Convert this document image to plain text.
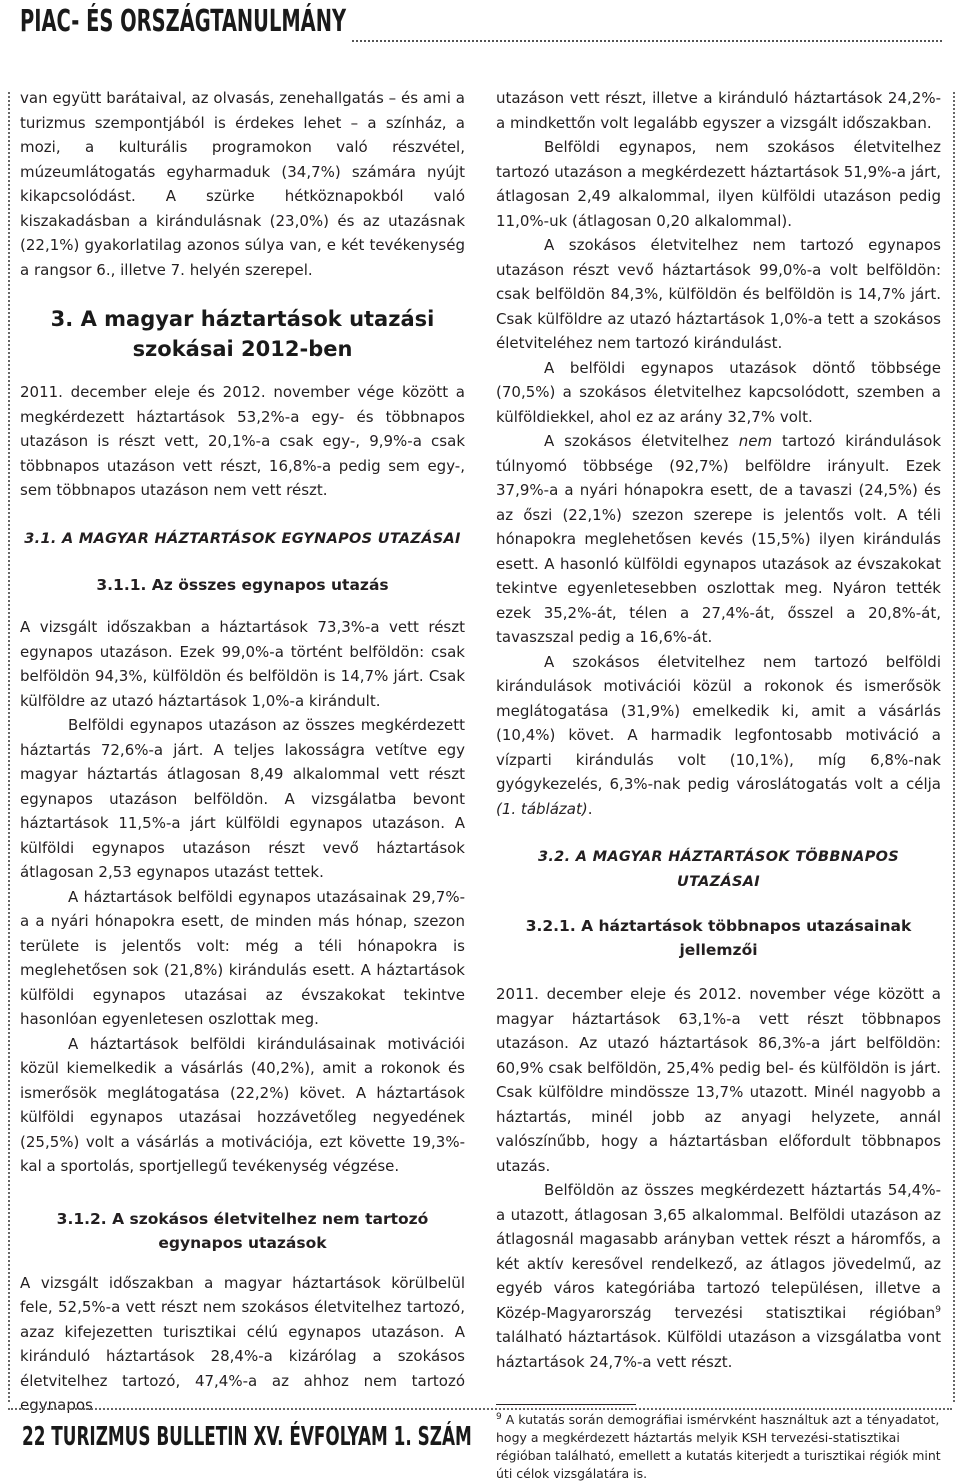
PIAC- ÉS ORSZÁGTANULMÁNY

van együtt barátaival, az olvasás, zenehallgatás – és ami a turizmus szempontjából is érdekes lehet – a színház, a mozi, a kulturális programokon való részvétel, múzeumlátogatás egyharmaduk (34,7%) számára nyújt kikapcsolódást. A szürke hétköznapokból való kiszakadásban a kirándulásnak (23,0%) és az utazásnak (22,1%) gyakorlatilag azonos súlya van, e két tevékenység a rangsor 6., illetve 7. helyén szerepel.

3. A magyar háztartások utazási
szokásai 2012-ben

2011. december eleje és 2012. november vége között a megkérdezett háztartások 53,2%-a egy- és többnapos utazáson is részt vett, 20,1%-a csak egy-, 9,9%-a csak többnapos utazáson vett részt, 16,8%-a pedig sem egy-, sem többnapos utazáson nem vett részt.

3.1. A MAGYAR HÁZTARTÁSOK EGYNAPOS UTAZÁSAI
3.1.1. Az összes egynapos utazás

A vizsgált időszakban a háztartások 73,3%-a vett részt egynapos utazáson. Ezek 99,0%-a történt belföldön: csak belföldön 94,3%, külföldön és belföldön is 14,7% járt. Csak külföldre az utazó háztartások 1,0%-a kirándult.

Belföldi egynapos utazáson az összes megkérdezett háztartás 72,6%-a járt. A teljes lakosságra vetítve egy magyar háztartás átlagosan 8,49 alkalommal vett részt egynapos utazáson belföldön. A vizsgálatba bevont háztartások 11,5%-a járt külföldi egynapos utazáson. A külföldi egynapos utazáson részt vevő háztartások átlagosan 2,53 egynapos utazást tettek.

A háztartások belföldi egynapos utazásainak 29,7%-a a nyári hónapokra esett, de minden más hónap, szezon területe is jelentős volt: még a téli hónapokra is meglehetősen sok (21,8%) kirándulás esett. A háztartások külföldi egynapos utazásai az évszakokat tekintve hasonlóan egyenletesen oszlottak meg.

A háztartások belföldi kirándulásainak motivációi közül kiemelkedik a vásárlás (40,2%), amit a rokonok és ismerősök meglátogatása (22,2%) követ. A háztartások külföldi egynapos utazásai hozzávetőleg negyedének (25,5%) volt a vásárlás a motivációja, ezt követte 19,3%-kal a sportolás, sportjellegű tevékenység végzése.

3.1.2. A szokásos életvitelhez nem tartozó
egynapos utazások

A vizsgált időszakban a magyar háztartások körülbelül fele, 52,5%-a vett részt nem szokásos életvitelhez tartozó, azaz kifejezetten turisztikai célú egynapos utazáson. A kiránduló háztartások 28,4%-a kizárólag a szokásos életvitelhez tartozó, 47,4%-a az ahhoz nem tartozó egynapos

utazáson vett részt, illetve a kiránduló háztartások 24,2%-a mindkettőn volt legalább egyszer a vizsgált időszakban.

Belföldi egynapos, nem szokásos életvitelhez tartozó utazáson a megkérdezett háztartások 51,9%-a járt, átlagosan 2,49 alkalommal, ilyen külföldi utazáson pedig 11,0%-uk (átlagosan 0,20 alkalommal).

A szokásos életvitelhez nem tartozó egynapos utazáson részt vevő háztartások 99,0%-a volt belföldön: csak belföldön 84,3%, külföldön és belföldön is 14,7% járt. Csak külföldre az utazó háztartások 1,0%-a tett a szokásos életviteléhez nem tartozó kirándulást.

A belföldi egynapos utazások döntő többsége (70,5%) a szokásos életvitelhez kapcsolódott, szemben a külföldiekkel, ahol ez az arány 32,7% volt.

A szokásos életvitelhez nem tartozó kirándulások túlnyomó többsége (92,7%) belföldre irányult. Ezek 37,9%-a a nyári hónapokra esett, de a tavaszi (24,5%) és az őszi (22,1%) szezon szerepe is jelentős volt. A téli hónapokra meglehetősen kevés (15,5%) ilyen kirándulás esett. A hasonló külföldi egynapos utazások az évszakokat tekintve egyenletesebben oszlottak meg. Nyáron tették ezek 35,2%-át, télen a 27,4%-át, ősszel a 20,8%-át, tavaszszal pedig a 16,6%-át.

A szokásos életvitelhez nem tartozó belföldi kirándulások motivációi közül a rokonok és ismerősök meglátogatása (31,9%) emelkedik ki, amit a vásárlás (10,4%) követ. A harmadik legfontosabb motiváció a vízparti kirándulás volt (10,1%), míg 6,8%-nak gyógykezelés, 6,3%-nak pedig városlátogatás volt a célja (1. táblázat).

3.2. A MAGYAR HÁZTARTÁSOK TÖBBNAPOS UTAZÁSAI
3.2.1. A háztartások többnapos utazásainak jellemzői

2011. december eleje és 2012. november vége között a magyar háztartások 63,1%-a vett részt többnapos utazáson. Az utazó háztartások 86,3%-a járt belföldön: 60,9% csak belföldön, 25,4% pedig bel- és külföldön is járt. Csak külföldre mindössze 13,7% utazott. Minél nagyobb a háztartás, minél jobb az anyagi helyzete, annál valószínűbb, hogy a háztartásban előfordult többnapos utazás.

Belföldön az összes megkérdezett háztartás 54,4%-a utazott, átlagosan 3,65 alkalommal. Belföldi utazáson az átlagosnál magasabb arányban vettek részt a háromfős, a két aktív keresővel rendelkező, az átlagos jövedelmű, az egyéb város kategóriába tartozó településen, illetve a Közép-Magyarország tervezési statisztikai régióban$^9$ található háztartások. Külföldi utazáson a vizsgálatba vont háztartások 24,7%-a vett részt.

$^9$ A kutatás során demográfiai ismérvként használtuk azt a tényadatot, hogy a megkérdezett háztartás melyik KSH tervezési-statisztikai régióban található, emellett a kutatás kiterjedt a turisztikai régiók mint úti célok vizsgálatára is.

22 TURIZMUS BULLETIN XV. ÉVFOLYAM 1. SZÁM
